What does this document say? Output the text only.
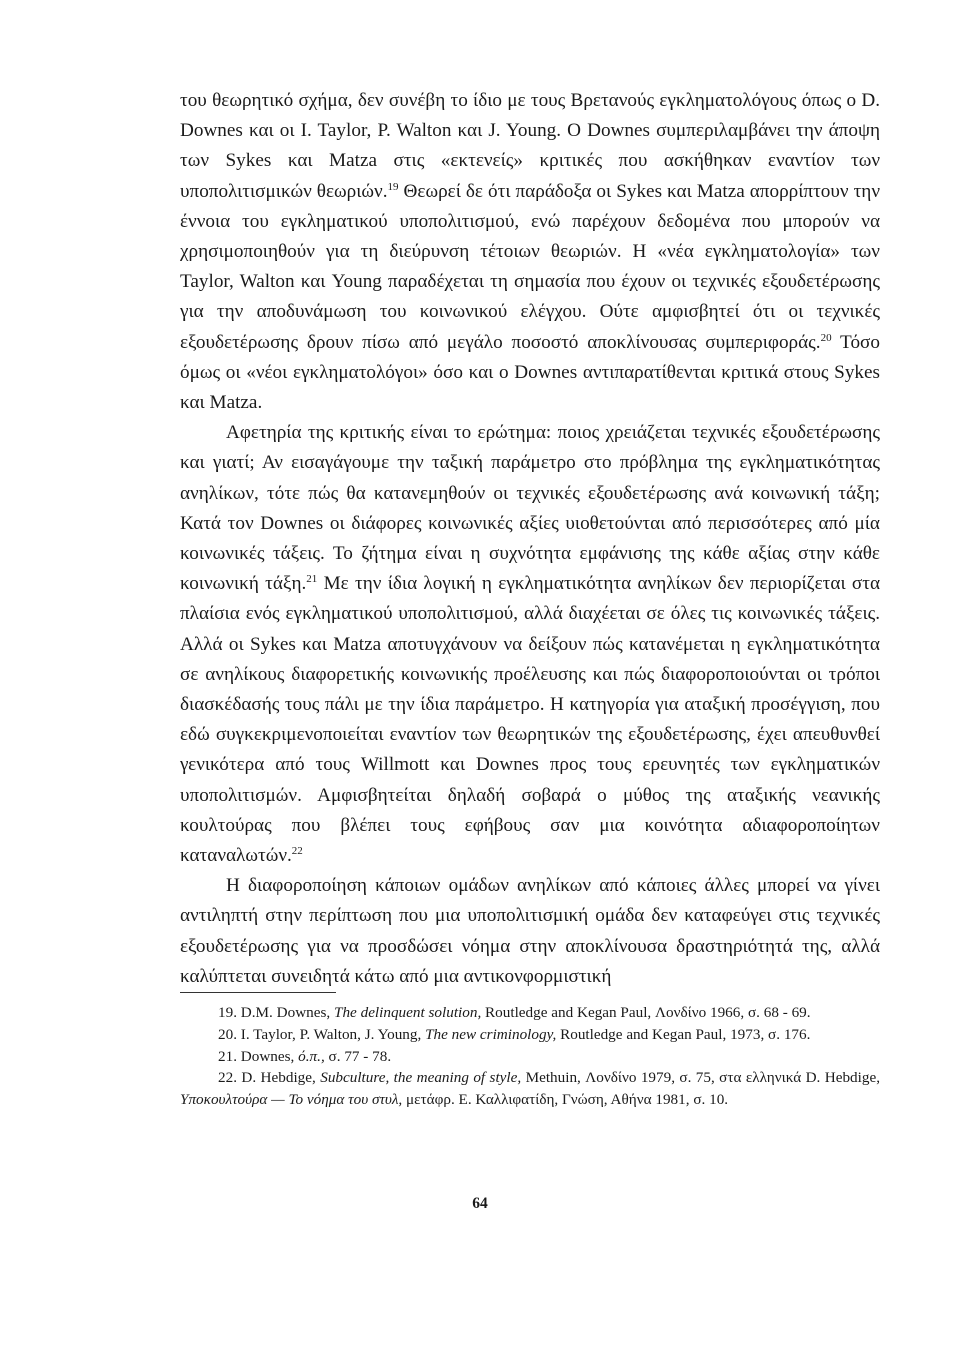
του θεωρητικό σχήμα, δεν συνέβη το ίδιο με τους Βρετανούς εγκληματολόγους όπως ο D. Downes και οι I. Taylor, P. Walton και J. Young. Ο Downes συμπεριλαμβάνει την άποψη των Sykes και Matza στις «εκτενείς» κριτικές που ασκήθηκαν εναντίον των υποπολιτισμικών θεωριών.$^{19}$ Θεωρεί δε ότι παράδοξα οι Sykes και Matza απορρίπτουν την έννοια του εγκληματικού υποπολιτισμού, ενώ παρέχουν δεδομένα που μπορούν να χρησιμοποιηθούν για τη διεύρυνση τέτοιων θεωριών. Η «νέα εγκληματολογία» των Taylor, Walton και Young παραδέχεται τη σημασία που έχουν οι τεχνικές εξουδετέρωσης για την αποδυνάμωση του κοινωνικού ελέγχου. Ούτε αμφισβητεί ότι οι τεχνικές εξουδετέρωσης δρουν πίσω από μεγάλο ποσοστό αποκλίνουσας συμπεριφοράς.$^{20}$ Τόσο όμως οι «νέοι εγκληματολόγοι» όσο και ο Downes αντιπαρατίθενται κριτικά στους Sykes και Matza.

Αφετηρία της κριτικής είναι το ερώτημα: ποιος χρειάζεται τεχνικές εξουδετέρωσης και γιατί; Αν εισαγάγουμε την ταξική παράμετρο στο πρόβλημα της εγκληματικότητας ανηλίκων, τότε πώς θα κατανεμηθούν οι τεχνικές εξουδετέρωσης ανά κοινωνική τάξη; Κατά τον Downes οι διάφορες κοινωνικές αξίες υιοθετούνται από περισσότερες από μία κοινωνικές τάξεις. Το ζήτημα είναι η συχνότητα εμφάνισης της κάθε αξίας στην κάθε κοινωνική τάξη.$^{21}$ Με την ίδια λογική η εγκληματικότητα ανηλίκων δεν περιορίζεται στα πλαίσια ενός εγκληματικού υποπολιτισμού, αλλά διαχέεται σε όλες τις κοινωνικές τάξεις. Αλλά οι Sykes και Matza αποτυγχάνουν να δείξουν πώς κατανέμεται η εγκληματικότητα σε ανηλίκους διαφορετικής κοινωνικής προέλευσης και πώς διαφοροποιούνται οι τρόποι διασκέδασής τους πάλι με την ίδια παράμετρο. Η κατηγορία για αταξική προσέγγιση, που εδώ συγκεκριμενοποιείται εναντίον των θεωρητικών της εξουδετέρωσης, έχει απευθυνθεί γενικότερα από τους Willmott και Downes προς τους ερευνητές των εγκληματικών υποπολιτισμών. Αμφισβητείται δηλαδή σοβαρά ο μύθος της αταξικής νεανικής κουλτούρας που βλέπει τους εφήβους σαν μια κοινότητα αδιαφοροποίητων καταναλωτών.$^{22}$

Η διαφοροποίηση κάποιων ομάδων ανηλίκων από κάποιες άλλες μπορεί να γίνει αντιληπτή στην περίπτωση που μια υποπολιτισμική ομάδα δεν καταφεύγει στις τεχνικές εξουδετέρωσης για να προσδώσει νόημα στην αποκλίνουσα δραστηριότητά της, αλλά καλύπτεται συνειδητά κάτω από μια αντικονφορμιστική

19. D.M. Downes, The delinquent solution, Routledge and Kegan Paul, Λονδίνο 1966, σ. 68 - 69.

20. I. Taylor, P. Walton, J. Young, The new criminology, Routledge and Kegan Paul, 1973, σ. 176.

21. Downes, ό.π., σ. 77 - 78.

22. D. Hebdige, Subculture, the meaning of style, Methuin, Λονδίνο 1979, σ. 75, στα ελληνικά D. Hebdige, Υποκουλτούρα — Το νόημα του στυλ, μετάφρ. Ε. Καλλιφατίδη, Γνώση, Αθήνα 1981, σ. 10.

64
